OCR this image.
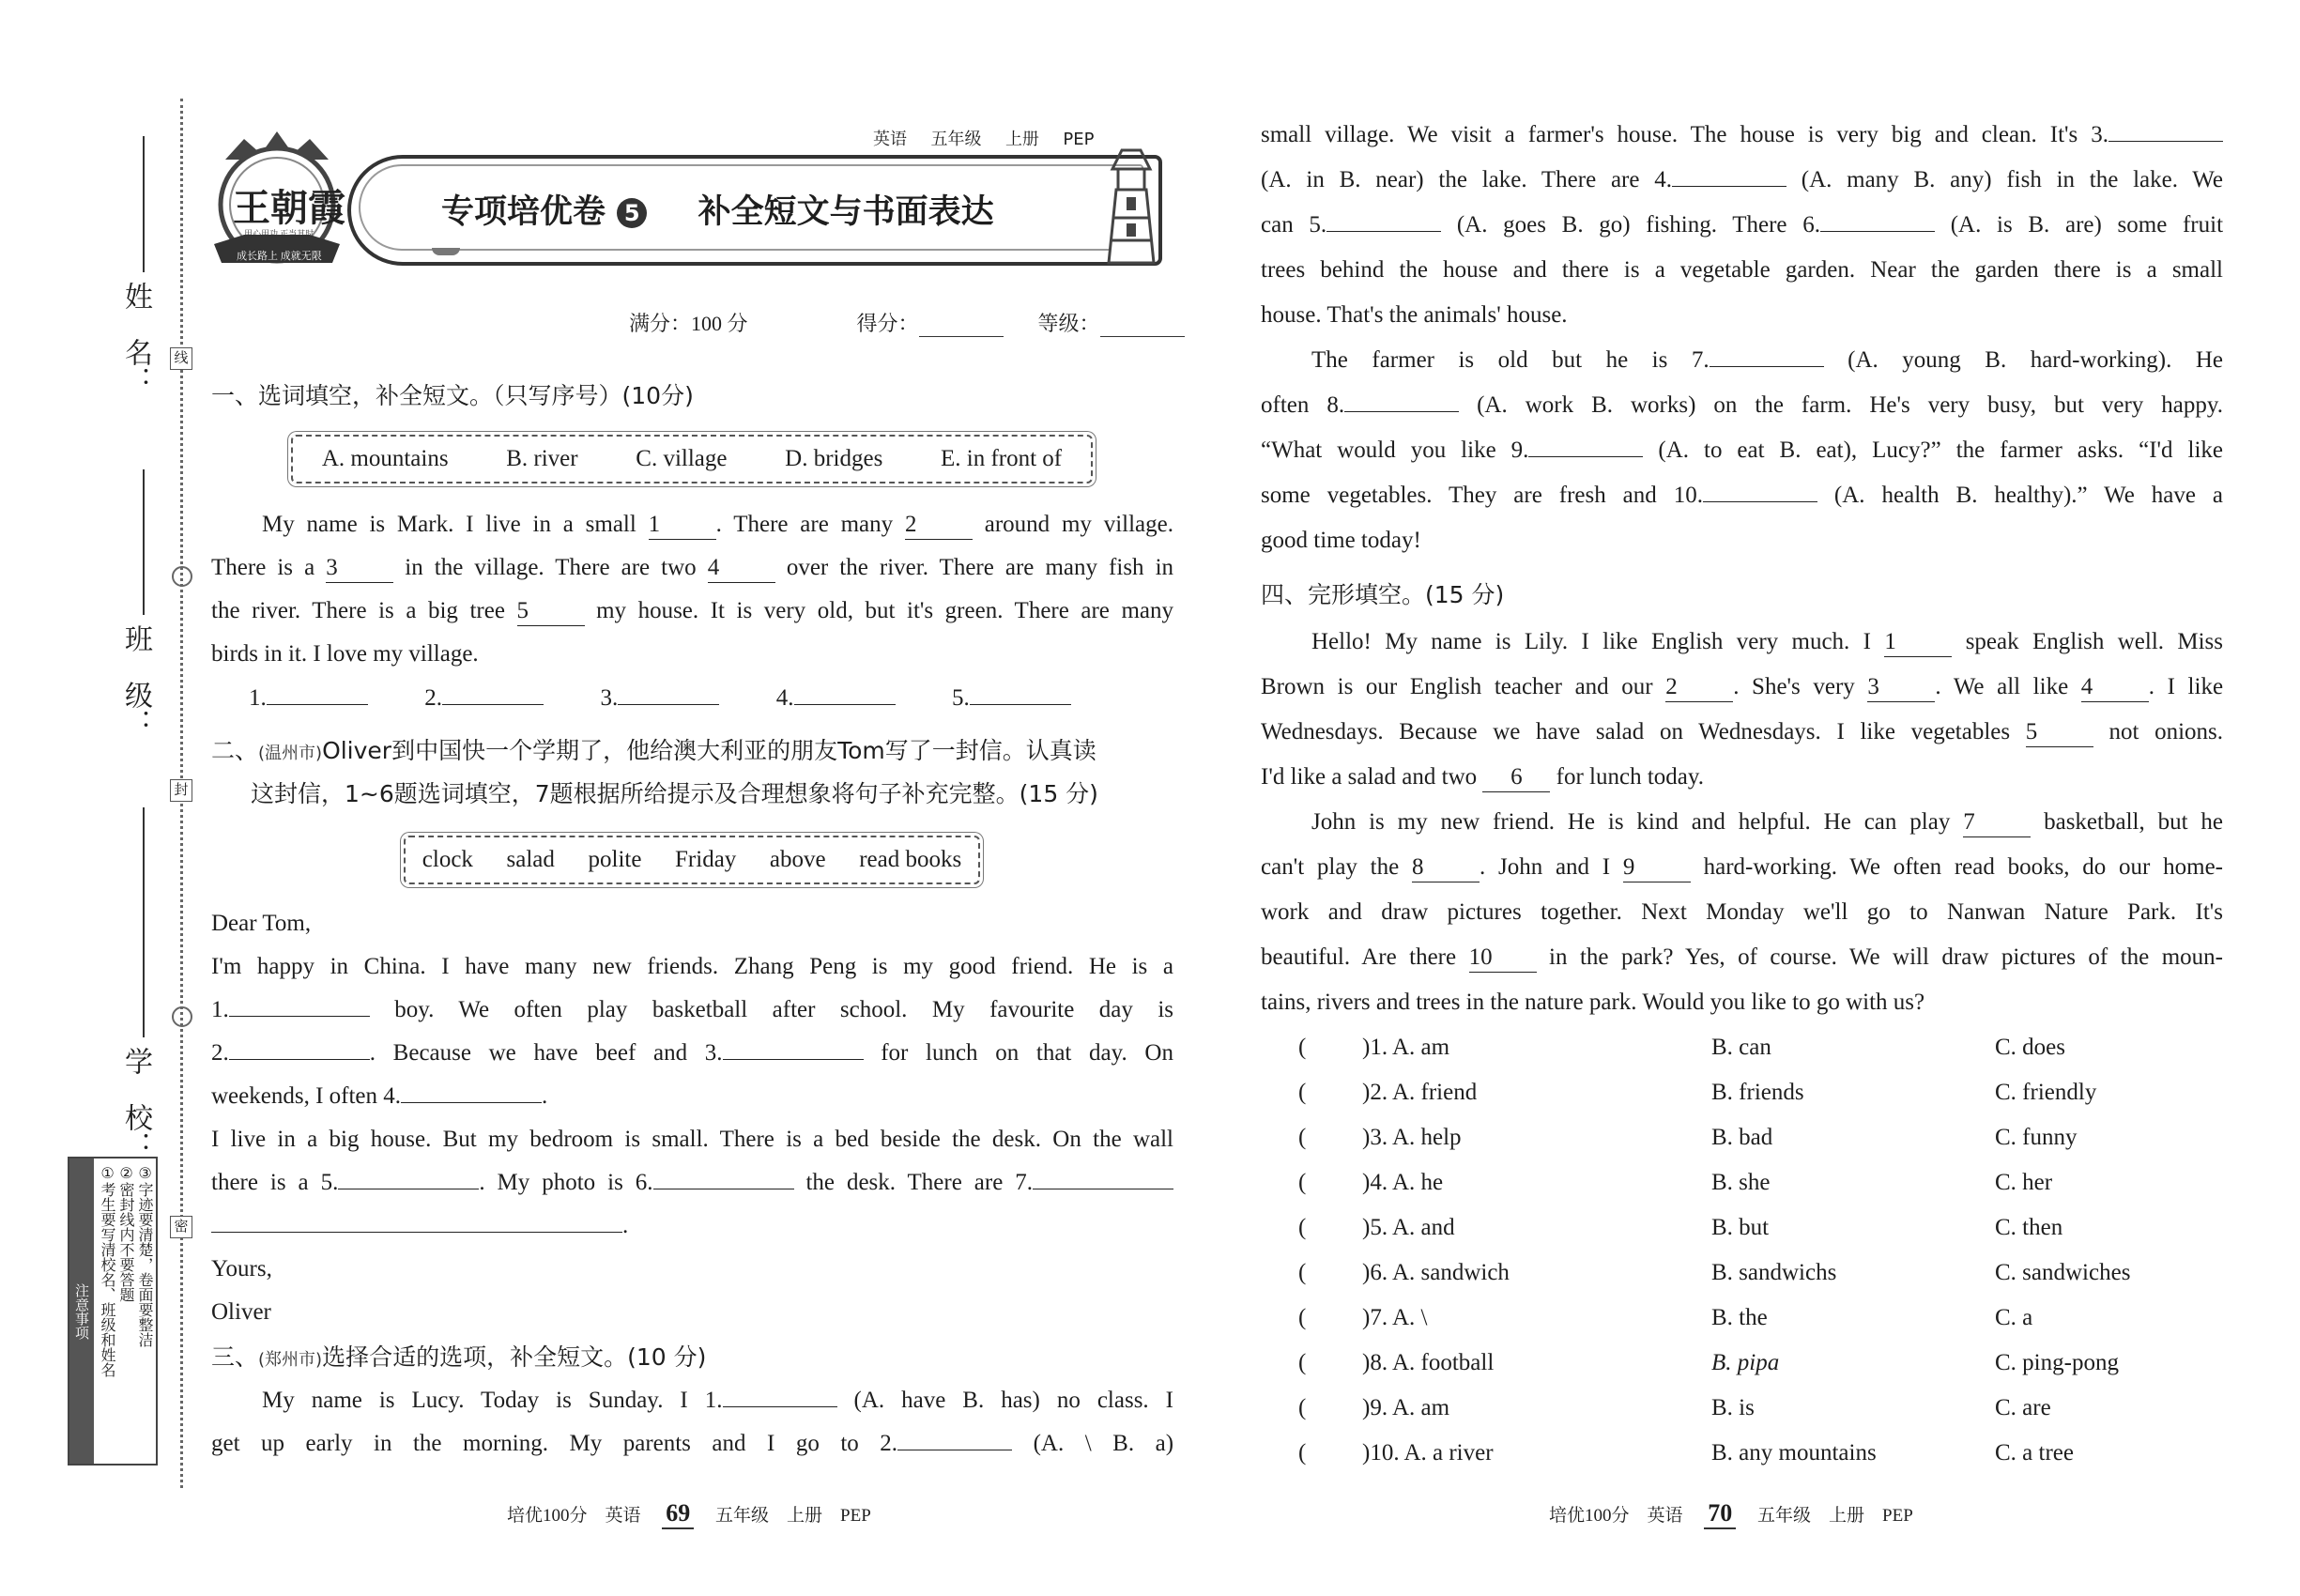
姓　名：
班　级：
学　校：
线
封
密
注意事项 ①考生要写清校名、班级和姓名 ②密封线内不要答题 ③字迹要清楚，卷面要整洁
王朝霞
用心用功 正当其时
成长路上 成就无限
英语 五年级 上册 PEP
专项培优卷 5 补全短文与书面表达
满分：100 分	得分：	等级：
一、选词填空，补全短文。（只写序号）(10分)
A. mountains B. river C. village D. bridges E. in front of
My name is Mark. I live in a small 1 . There are many 2	around my village.
There is a 3	in the village. There are two 4	over the river. There are many fish in
the river. There is a big tree 5	my house. It is very old, but it's green. There are many
birds in it. I love my village.
1.	2.	3.	4.	5.
二、(温州市)Oliver到中国快一个学期了，他给澳大利亚的朋友Tom写了一封信。认真读
这封信，1~6题选词填空，7题根据所给提示及合理想象将句子补充完整。(15 分)
clock salad polite Friday above read books
Dear Tom,
I'm happy in China. I have many new friends. Zhang Peng is my good friend. He is a
1.	boy. We often play basketball after school. My favourite day is
2.	. Because we have beef and 3.	for lunch on that day. On
weekends, I often 4.	.
I live in a big house. But my bedroom is small. There is a bed beside the desk. On the wall
there is a 5.	. My photo is 6.	the desk. There are 7.
.
Yours,
Oliver
三、(郑州市)选择合适的选项，补全短文。(10 分)
My name is Lucy. Today is Sunday. I 1.	(A. have B. has) no class. I
get up early in the morning. My parents and I go to 2.	(A. \ B. a)
培优100分　英语 69 五年级　上册　PEP
small village. We visit a farmer's house. The house is very big and clean. It's 3.
(A. in B. near) the lake. There are 4.	(A. many B. any) fish in the lake. We
can 5.	(A. goes B. go) fishing. There 6.	(A. is B. are) some fruit
trees behind the house and there is a vegetable garden. Near the garden there is a small
house. That's the animals' house.
The farmer is old but he is 7.	(A. young B. hard-working). He
often 8.	(A. work B. works) on the farm. He's very busy, but very happy.
“What would you like 9.	(A. to eat B. eat), Lucy?” the farmer asks. “I'd like
some vegetables. They are fresh and 10.	(A. health B. healthy).” We have a
good time today!
四、完形填空。(15 分)
Hello! My name is Lily. I like English very much. I 1	speak English well. Miss
Brown is our English teacher and our 2 . She's very 3 . We all like 4 . I like
Wednesdays. Because we have salad on Wednesdays. I like vegetables 5	not onions.
I'd like a salad and two 6 for lunch today.
John is my new friend. He is kind and helpful. He can play 7	basketball, but he
can't play the 8 . John and I 9	hard-working. We often read books, do our home-
work and draw pictures together. Next Monday we'll go to Nanwan Nature Park. It's
beautiful. Are there 10 in the park? Yes, of course. We will draw pictures of the moun-
tains, rivers and trees in the nature park. Would you like to go with us?
( )1. A. am	B. can	C. does
( )2. A. friend	B. friends	C. friendly
( )3. A. help	B. bad	C. funny
( )4. A. he	B. she	C. her
( )5. A. and	B. but	C. then
( )6. A. sandwich	B. sandwichs	C. sandwiches
( )7. A. \	B. the	C. a
( )8. A. football	B. pipa	C. ping-pong
( )9. A. am	B. is	C. are
( )10. A. a river	B. any mountains	C. a tree
培优100分　英语 70 五年级　上册　PEP
